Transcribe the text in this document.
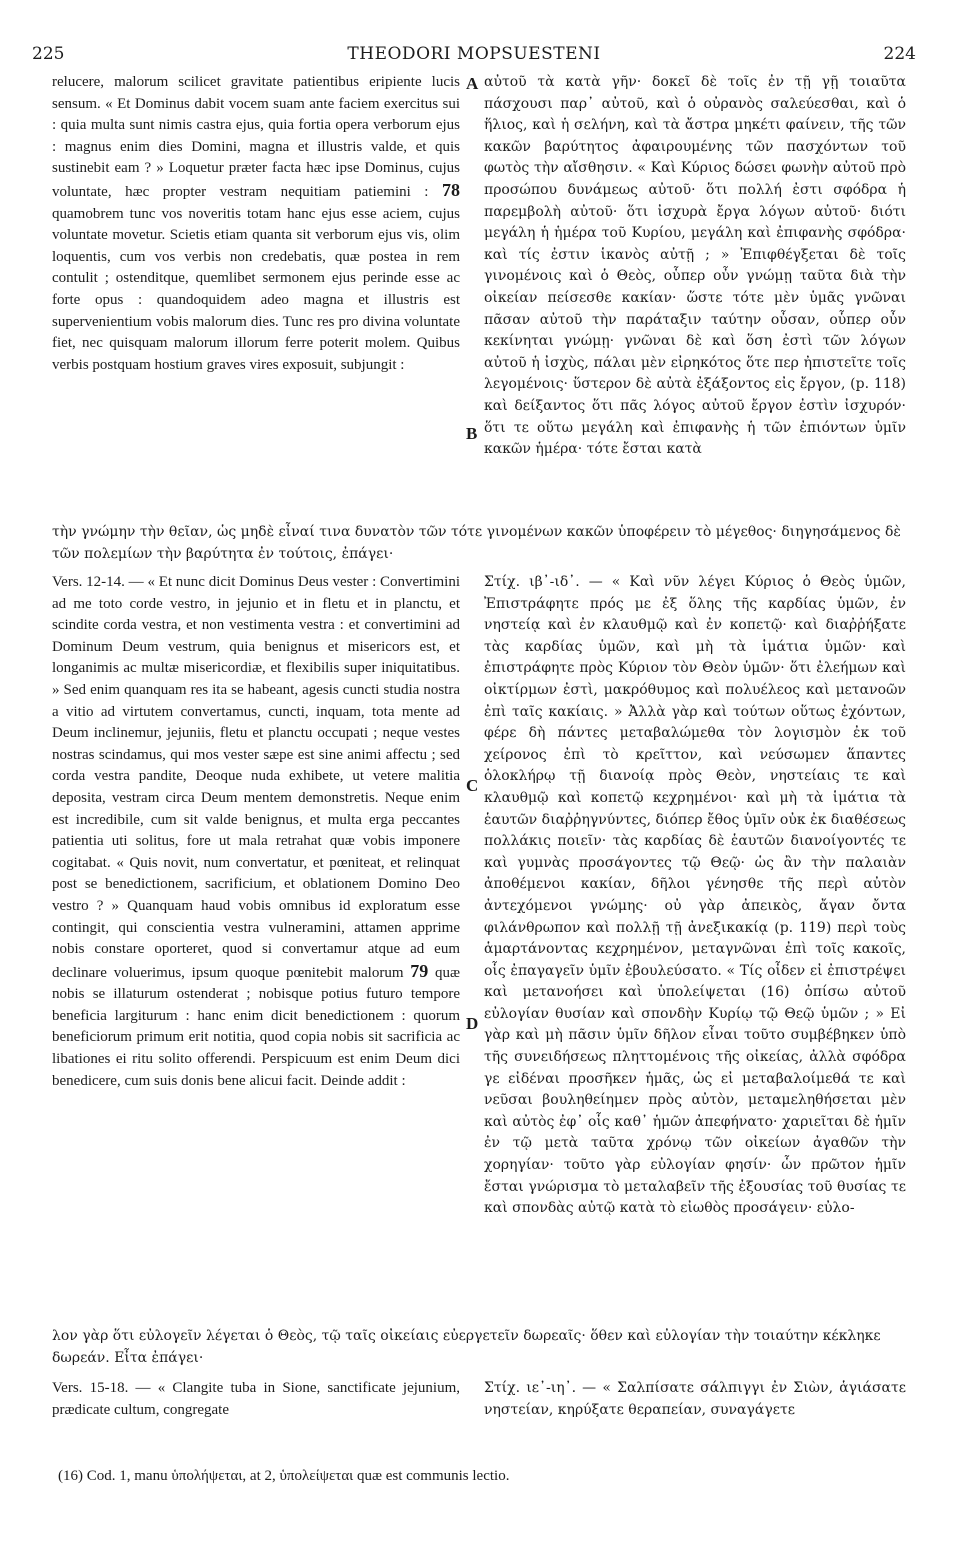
225	THEODORI MOPSUESTENI	224
relucere, malorum scilicet gravitate patientibus eripiente lucis sensum. « Et Dominus dabit vocem suam ante faciem exercitus sui : quia multa sunt nimis castra ejus, quia fortia opera verborum ejus : magnus enim dies Domini, magna et illustris valde, et quis sustinebit eam ? » Loquetur præter facta hæc ipse Dominus, cujus voluntate, hæc propter vestram nequitiam patiemini : 78 quamobrem tunc vos noveritis totam hanc ejus esse aciem, cujus voluntate movetur. Scietis etiam quanta sit verborum ejus vis, olim loquentis, cum vos verbis non credebatis, quæ postea in rem contulit ; ostenditque, quemlibet sermonem ejus perinde esse ac forte opus : quandoquidem adeo magna et illustris est supervenientium vobis malorum dies. Tunc res pro divina voluntate fiet, nec quisquam malorum illorum ferre poterit molem. Quibus verbis postquam hostium graves vires exposuit, subjungit :
αὐτοῦ τὰ κατὰ γῆν· δοκεῖ δὲ τοῖς ἐν τῇ γῇ τοιαῦτα πάσχουσι παρ᾽ αὐτοῦ, καὶ ὁ οὐρανὸς σαλεύεσθαι, καὶ ὁ ἥλιος, καὶ ἡ σελήνη, καὶ τὰ ἄστρα μηκέτι φαίνειν, τῆς τῶν κακῶν βαρύτητος ἀφαιρουμένης τῶν πασχόντων τοῦ φωτὸς τὴν αἴσθησιν. « Καὶ Κύριος δώσει φωνὴν αὐτοῦ πρὸ προσώπου δυνάμεως αὐτοῦ· ὅτι πολλή ἐστι σφόδρα ἡ παρεμβολὴ αὐτοῦ· ὅτι ἰσχυρὰ ἔργα λόγων αὐτοῦ· διότι μεγάλη ἡ ἡμέρα τοῦ Κυρίου, μεγάλη καὶ ἐπιφανὴς σφόδρα· καὶ τίς ἐστιν ἱκανὸς αὐτῇ ; » Ἐπιφθέγξεται δὲ τοῖς γινομένοις καὶ ὁ Θεὸς, οὗπερ οὖν γνώμῃ ταῦτα διὰ τὴν οἰκείαν πείσεσθε κακίαν· ὥστε τότε μὲν ὑμᾶς γνῶναι πᾶσαν αὐτοῦ τὴν παράταξιν ταύτην οὖσαν, οὗπερ οὖν κεκίνηται γνώμῃ· γνῶναι δὲ καὶ ὅση ἐστὶ τῶν λόγων αὐτοῦ ἡ ἰσχὺς, πάλαι μὲν εἰρηκότος ὅτε περ ἠπιστεῖτε τοῖς λεγομένοις· ὕστερον δὲ αὐτὰ ἐξάξοντος εἰς ἔργον, (p. 118) καὶ δείξαντος ὅτι πᾶς λόγος αὐτοῦ ἔργον ἐστὶν ἰσχυρόν· ὅτι τε οὕτω μεγάλη καὶ ἐπιφανὴς ἡ τῶν ἐπιόντων ὑμῖν κακῶν ἡμέρα· τότε ἔσται κατὰ
A
B
τὴν γνώμην τὴν θεῖαν, ὡς μηδὲ εἶναί τινα δυνατὸν τῶν τότε γινομένων κακῶν ὑποφέρειν τὸ μέγεθος· διηγησάμενος δὲ τῶν πολεμίων τὴν βαρύτητα ἐν τούτοις, ἐπάγει·
Vers. 12-14. — « Et nunc dicit Dominus Deus vester : Convertimini ad me toto corde vestro, in jejunio et in fletu et in planctu, et scindite corda vestra, et non vestimenta vestra : et convertimini ad Dominum Deum vestrum, quia benignus et misericors est, et longanimis ac multæ misericordiæ, et flexibilis super iniquitatibus. » Sed enim quanquam res ita se habeant, agesis cuncti studia nostra a vitio ad virtutem convertamus, cuncti, inquam, tota mente ad Deum inclinemur, jejuniis, fletu et planctu occupati ; neque vestes nostras scindamus, qui mos vester sæpe est sine animi affectu ; sed corda vestra pandite, Deoque nuda exhibete, ut vetere malitia deposita, vestram circa Deum mentem demonstretis. Neque enim est incredibile, cum sit valde benignus, et multa erga peccantes patientia uti solitus, fore ut mala retrahat quæ vobis imponere cogitabat. « Quis novit, num convertatur, et pœniteat, et relinquat post se benedictionem, sacrificium, et oblationem Domino Deo vestro ? » Quanquam haud vobis omnibus id exploratum esse contingit, qui conscientia vestra vulneramini, attamen apprime nobis constare oporteret, quod si convertamur atque ad eum declinare voluerimus, ipsum quoque pœnitebit malorum 79 quæ nobis se illaturum ostenderat ; nobisque potius futuro tempore beneficia largiturum : hanc enim dicit benedictionem : quorum beneficiorum primum erit notitia, quod copia nobis sit sacrificia ac libationes ei ritu solito offerendi. Perspicuum est enim Deum dici benedicere, cum suis donis bene alicui facit. Deinde addit :
Στίχ. ιβ᾽-ιδ᾽. — « Καὶ νῦν λέγει Κύριος ὁ Θεὸς ὑμῶν, Ἐπιστράφητε πρός με ἐξ ὅλης τῆς καρδίας ὑμῶν, ἐν νηστείᾳ καὶ ἐν κλαυθμῷ καὶ ἐν κοπετῷ· καὶ διαῤῥήξατε τὰς καρδίας ὑμῶν, καὶ μὴ τὰ ἱμάτια ὑμῶν· καὶ ἐπιστράφητε πρὸς Κύριον τὸν Θεὸν ὑμῶν· ὅτι ἐλεήμων καὶ οἰκτίρμων ἐστὶ, μακρόθυμος καὶ πολυέλεος καὶ μετανοῶν ἐπὶ ταῖς κακίαις. » Ἀλλὰ γὰρ καὶ τούτων οὕτως ἐχόντων, φέρε δὴ πάντες μεταβαλώμεθα τὸν λογισμὸν ἐκ τοῦ χείρονος ἐπὶ τὸ κρεῖττον, καὶ νεύσωμεν ἅπαντες ὁλοκλήρῳ τῇ διανοίᾳ πρὸς Θεὸν, νηστείαις τε καὶ κλαυθμῷ καὶ κοπετῷ κεχρημένοι· καὶ μὴ τὰ ἱμάτια τὰ ἑαυτῶν διαῤῥηγνύντες, διόπερ ἔθος ὑμῖν οὐκ ἐκ διαθέσεως πολλάκις ποιεῖν· τὰς καρδίας δὲ ἑαυτῶν διανοίγοντές τε καὶ γυμνὰς προσάγοντες τῷ Θεῷ· ὡς ἂν τὴν παλαιὰν ἀποθέμενοι κακίαν, δῆλοι γένησθε τῆς περὶ αὐτὸν ἀντεχόμενοι γνώμης· οὐ γὰρ ἀπεικὸς, ἄγαν ὄντα φιλάνθρωπον καὶ πολλῇ τῇ ἀνεξικακίᾳ (p. 119) περὶ τοὺς ἁμαρτάνοντας κεχρημένον, μεταγνῶναι ἐπὶ τοῖς κακοῖς, οἷς ἐπαγαγεῖν ὑμῖν ἐβουλεύσατο. « Τίς οἶδεν εἰ ἐπιστρέψει καὶ μετανοήσει καὶ ὑπολείψεται (16) ὀπίσω αὐτοῦ εὐλογίαν θυσίαν καὶ σπονδὴν Κυρίῳ τῷ Θεῷ ὑμῶν ; » Εἰ γὰρ καὶ μὴ πᾶσιν ὑμῖν δῆλον εἶναι τοῦτο συμβέβηκεν ὑπὸ τῆς συνειδήσεως πληττομένοις τῆς οἰκείας, ἀλλὰ σφόδρα γε εἰδέναι προσῆκεν ἡμᾶς, ὡς εἰ μεταβαλοίμεθά τε καὶ νεῦσαι βουληθείημεν πρὸς αὐτὸν, μεταμεληθήσεται μὲν καὶ αὐτὸς ἐφ᾽ οἷς καθ᾽ ἡμῶν ἀπεφήνατο· χαριεῖται δὲ ἡμῖν ἐν τῷ μετὰ ταῦτα χρόνῳ τῶν οἰκείων ἀγαθῶν τὴν χορηγίαν· τοῦτο γὰρ εὐλογίαν φησίν· ὧν πρῶτον ἡμῖν ἔσται γνώρισμα τὸ μεταλαβεῖν τῆς ἐξουσίας τοῦ θυσίας τε καὶ σπονδὰς αὐτῷ κατὰ τὸ εἰωθὸς προσάγειν· εὐλο-
C
D
λον γὰρ ὅτι εὐλογεῖν λέγεται ὁ Θεὸς, τῷ ταῖς οἰκείαις εὐεργετεῖν δωρεαῖς· ὅθεν καὶ εὐλογίαν τὴν τοιαύτην κέκληκε δωρεάν. Εἶτα ἐπάγει·
Vers. 15-18. — « Clangite tuba in Sione, sanctificate jejunium, prædicate cultum, congregate
Στίχ. ιε᾽-ιη᾽. — « Σαλπίσατε σάλπιγγι ἐν Σιὼν, ἁγιάσατε νηστείαν, κηρύξατε θεραπείαν, συναγάγετε
(16) Cod. 1, manu ὑπολήψεται, at 2, ὑπολείψεται quæ est communis lectio.
